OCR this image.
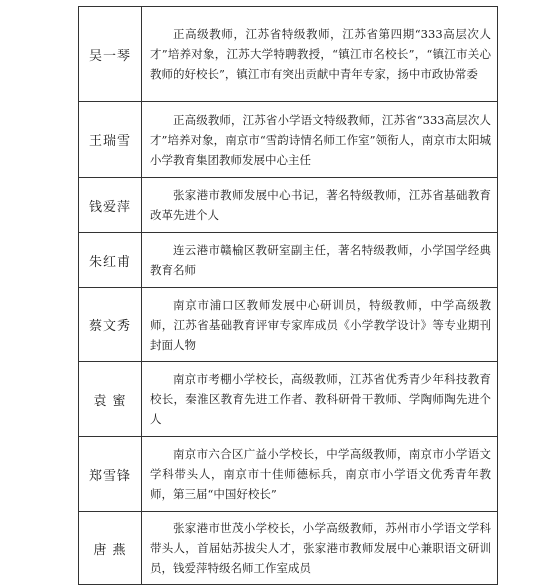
吴一琴	正高级教师，江苏省特级教师，江苏省第四期“333高层次人才”培养对象，江苏大学特聘教授，“镇江市名校长”，“镇江市关心教师的好校长”，镇江市有突出贡献中青年专家，扬中市政协常委
王瑞雪	正高级教师，江苏省小学语文特级教师，江苏省“333高层次人才”培养对象，南京市“雪韵诗情名师工作室”领衔人，南京市太阳城小学教育集团教师发展中心主任
钱爱萍	张家港市教师发展中心书记，著名特级教师，江苏省基础教育改革先进个人
朱红甫	连云港市赣榆区教研室副主任，著名特级教师，小学国学经典教育名师
蔡文秀	南京市浦口区教师发展中心研训员，特级教师，中学高级教师，江苏省基础教育评审专家库成员《小学教学设计》等专业期刊封面人物
袁 蜜	南京市考棚小学校长，高级教师，江苏省优秀青少年科技教育校长，秦淮区教育先进工作者、教科研骨干教师、学陶师陶先进个人
郑雪锋	南京市六合区广益小学校长，中学高级教师，南京市小学语文学科带头人，南京市十佳师德标兵，南京市小学语文优秀青年教师，第三届“中国好校长”
唐 燕	张家港市世茂小学校长，小学高级教师，苏州市小学语文学科带头人，首届姑苏拔尖人才，张家港市教师发展中心兼职语文研训员，钱爱萍特级名师工作室成员
